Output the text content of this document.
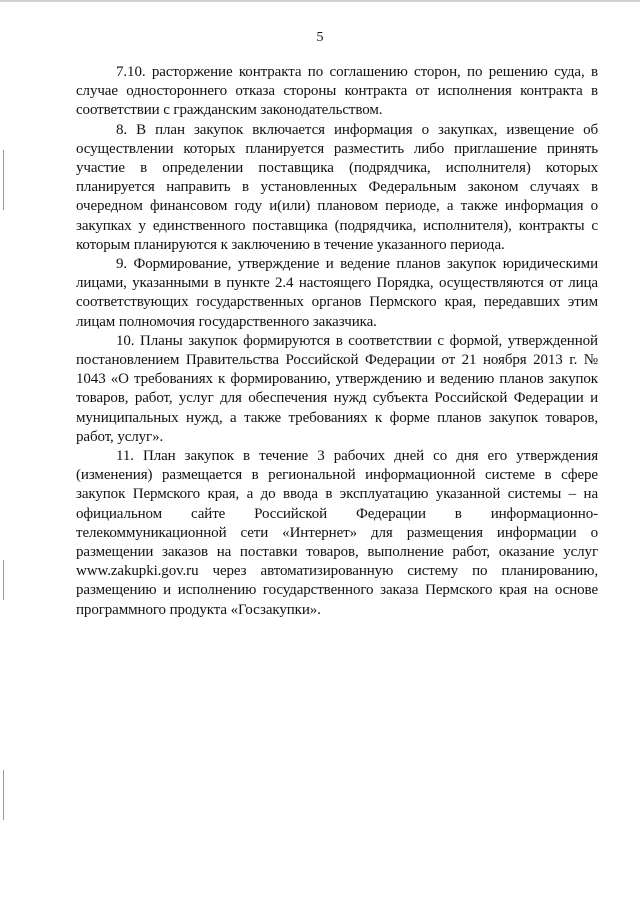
5

7.10. расторжение контракта по соглашению сторон, по решению суда, в случае одностороннего отказа стороны контракта от исполнения контракта в соответствии с гражданским законодательством.

8. В план закупок включается информация о закупках, извещение об осуществлении которых планируется разместить либо приглашение принять участие в определении поставщика (подрядчика, исполнителя) которых планируется направить в установленных Федеральным законом случаях в очередном финансовом году и(или) плановом периоде, а также информация о закупках у единственного поставщика (подрядчика, исполнителя), контракты с которым планируются к заключению в течение указанного периода.

9. Формирование, утверждение и ведение планов закупок юридическими лицами, указанными в пункте 2.4 настоящего Порядка, осуществляются от лица соответствующих государственных органов Пермского края, передавших этим лицам полномочия государственного заказчика.

10. Планы закупок формируются в соответствии с формой, утвержденной постановлением Правительства Российской Федерации от 21 ноября 2013 г. № 1043 «О требованиях к формированию, утверждению и ведению планов закупок товаров, работ, услуг для обеспечения нужд субъекта Российской Федерации и муниципальных нужд, а также требованиях к форме планов закупок товаров, работ, услуг».

11. План закупок в течение 3 рабочих дней со дня его утверждения (изменения) размещается в региональной информационной системе в сфере закупок Пермского края, а до ввода в эксплуатацию указанной системы – на официальном сайте Российской Федерации в информационно-телекоммуникационной сети «Интернет» для размещения информации о размещении заказов на поставки товаров, выполнение работ, оказание услуг www.zakupki.gov.ru через автоматизированную систему по планированию, размещению и исполнению государственного заказа Пермского края на основе программного продукта «Госзакупки».
